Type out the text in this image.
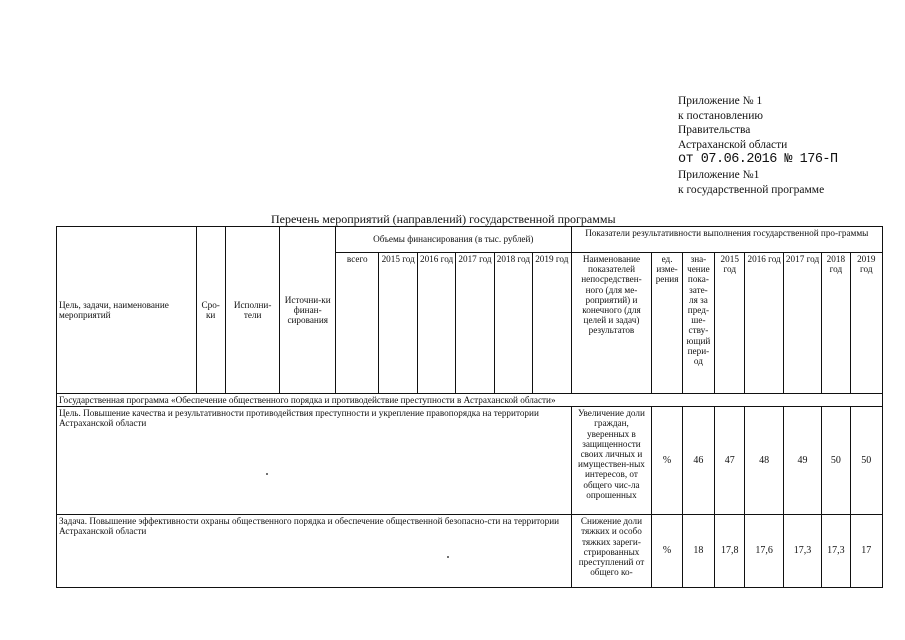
Приложение № 1
к постановлению
Правительства
Астраханской области
от 07.06.2016 № 176-П
Приложение №1
к государственной программе
Перечень мероприятий (направлений) государственной программы
Цель, задачи, наименование мероприятий	Сро-ки	Исполни-тели	Источни-ки финан-сирования	Объемы финансирования (в тыс. рублей)						Показатели результативности выполнения государственной про-граммы							
				всего	2015 год	2016 год	2017 год	2018 год	2019 год	Наименование показателей непосредствен-ного (для ме-роприятий) и конечного (для целей и задач) результатов	ед. изме-рения	зна-чение пока-зате-ля за пред-ше-ству-ющий пери-од	2015 год	2016 год	2017 год	2018 год	2019 год

Государственная программа «Обеспечение общественного порядка и противодействие преступности в Астраханской области»																	
Цель. Повышение качества и результативности противодействия преступности и укрепление правопорядка на территории Астраханской области										Увеличение доли граждан, уверенных в защищенности своих личных и имуществен-ных интересов, от общего чис-ла опрошенных	%	46	47	48	49	50	50
Задача. Повышение эффективности охраны общественного порядка и обеспечение общественной безопасно-сти на территории Астраханской области										Снижение доли тяжких и особо тяжких зареги-стрированных преступлений от общего ко-	%	18	17,8	17,6	17,3	17,3	17
